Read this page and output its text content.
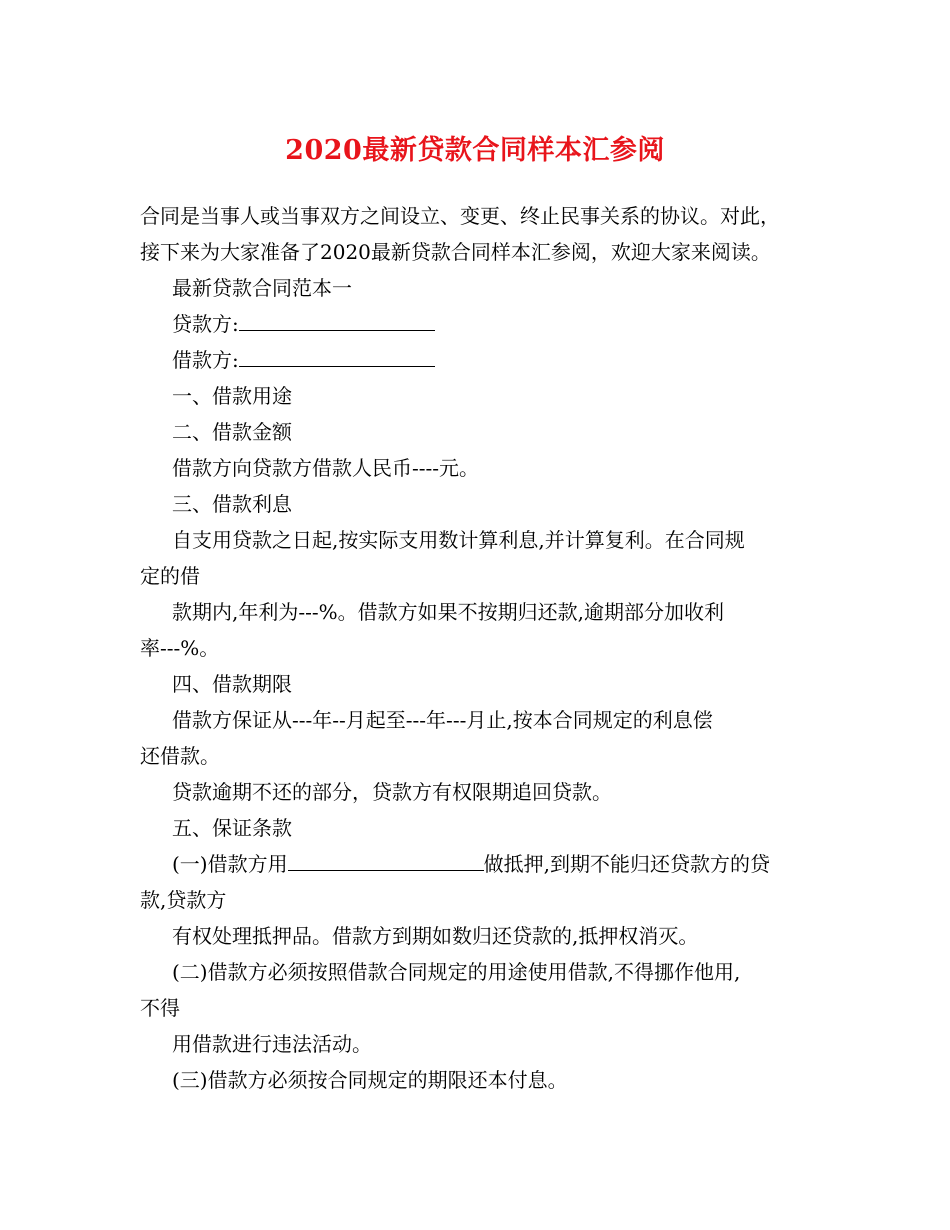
2020最新贷款合同样本汇参阅
合同是当事人或当事双方之间设立、变更、终止民事关系的协议。对此，
接下来为大家准备了2020最新贷款合同样本汇参阅，欢迎大家来阅读。
最新贷款合同范本一
贷款方:
借款方:
一、借款用途
二、借款金额
借款方向贷款方借款人民币----元。
三、借款利息
自支用贷款之日起,按实际支用数计算利息,并计算复利。在合同规
定的借
款期内,年利为---%。借款方如果不按期归还款,逾期部分加收利
率---%。
四、借款期限
借款方保证从---年--月起至---年---月止,按本合同规定的利息偿
还借款。
贷款逾期不还的部分，贷款方有权限期追回贷款。
五、保证条款
(一)借款方用	做抵押,到期不能归还贷款方的贷
款,贷款方
有权处理抵押品。借款方到期如数归还贷款的,抵押权消灭。
(二)借款方必须按照借款合同规定的用途使用借款,不得挪作他用,
不得
用借款进行违法活动。
(三)借款方必须按合同规定的期限还本付息。
